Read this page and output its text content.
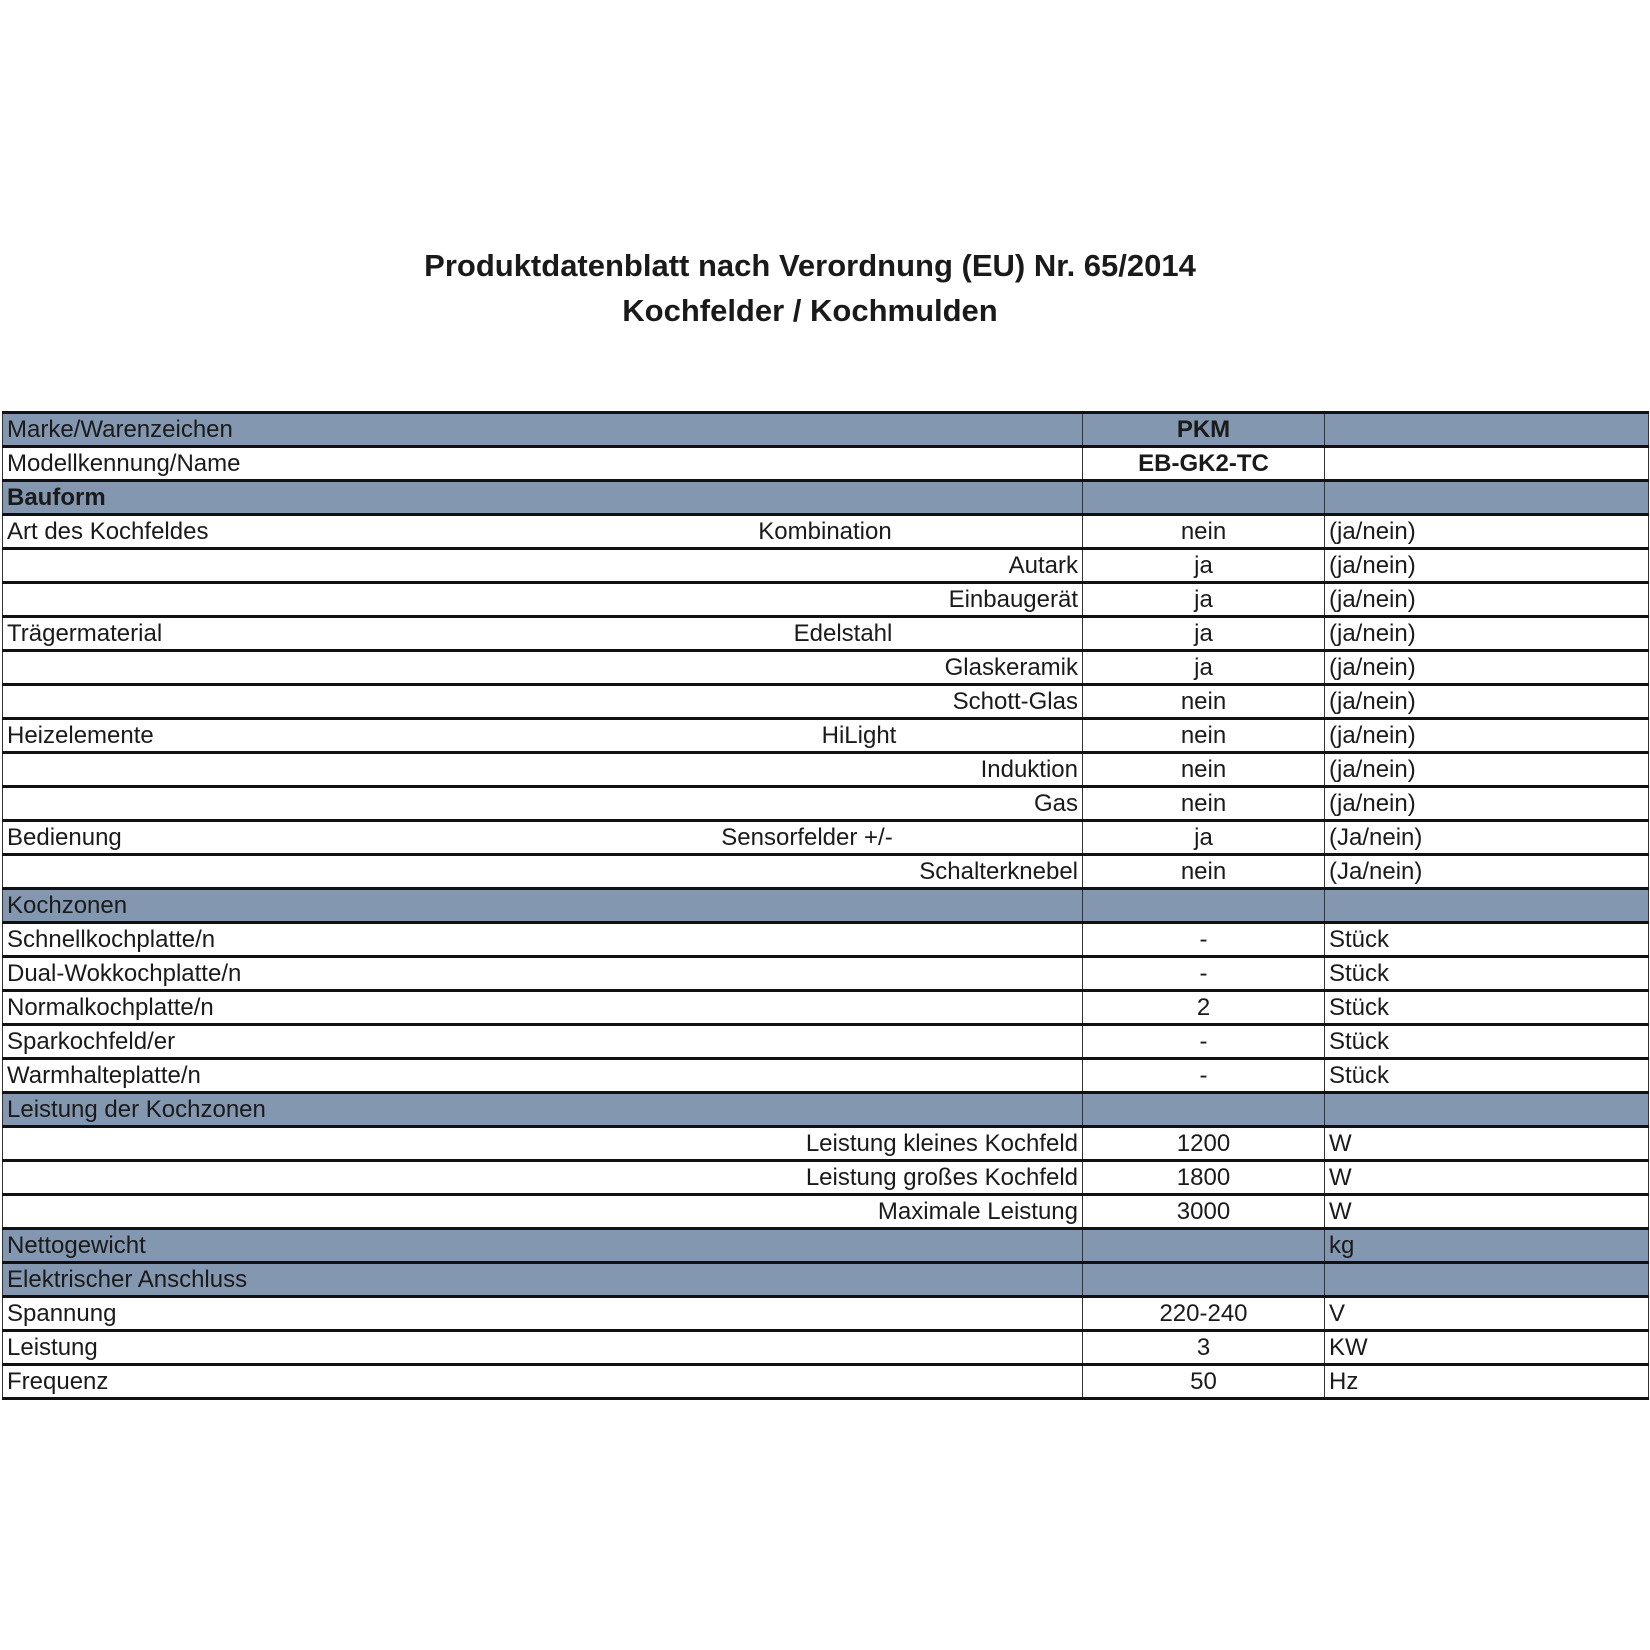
Produktdatenblatt nach Verordnung (EU) Nr. 65/2014
Kochfelder / Kochmulden
Marke/Warenzeichen	PKM	
Modellkennung/Name	EB-GK2-TC	
Bauform		

Art des Kochfeldes Kombination	nein	(ja/nein)

Autark	ja	(ja/nein)

Einbaugerät	ja	(ja/nein)

Trägermaterial Edelstahl	ja	(ja/nein)

Glaskeramik	ja	(ja/nein)

Schott-Glas	nein	(ja/nein)

Heizelemente HiLight	nein	(ja/nein)

Induktion	nein	(ja/nein)

Gas	nein	(ja/nein)

Bedienung Sensorfelder +/-	ja	(Ja/nein)

Schalterknebel	nein	(Ja/nein)
Kochzonen		
Schnellkochplatte/n	-	Stück
Dual-Wokkochplatte/n	-	Stück
Normalkochplatte/n	2	Stück
Sparkochfeld/er	-	Stück
Warmhalteplatte/n	-	Stück
Leistung der Kochzonen		

Leistung kleines Kochfeld	1200	W

Leistung großes Kochfeld	1800	W

Maximale Leistung	3000	W
Nettogewicht		kg
Elektrischer Anschluss		
Spannung	220-240	V
Leistung	3	KW
Frequenz	50	Hz
